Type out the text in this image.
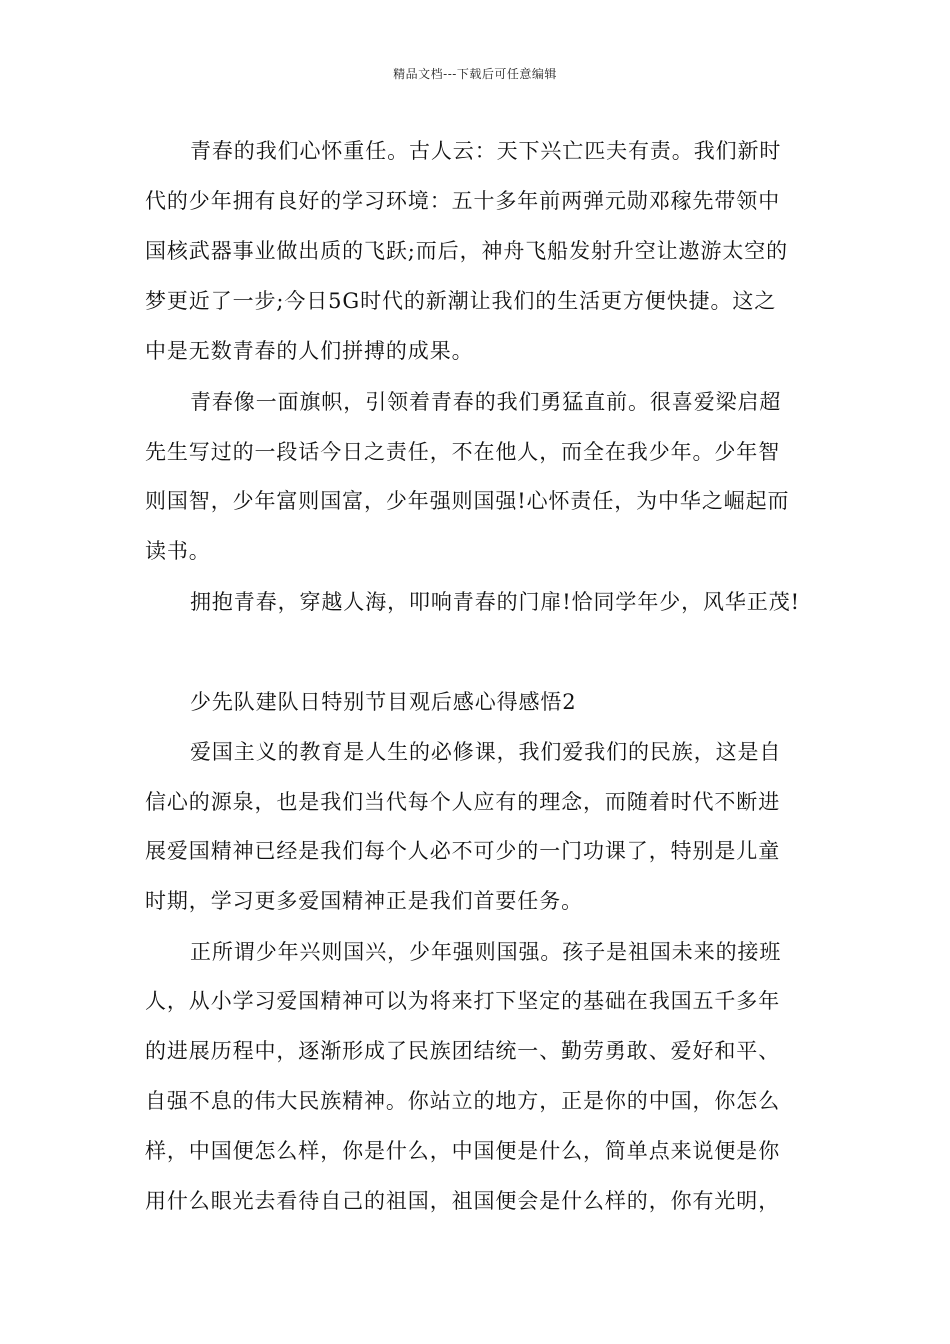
精品文档---下载后可任意编辑
青春的我们心怀重任。古人云：天下兴亡匹夫有责。我们新时
代的少年拥有良好的学习环境：五十多年前两弹元勋邓稼先带领中
国核武器事业做出质的飞跃;而后，神舟飞船发射升空让遨游太空的
梦更近了一步;今日5G时代的新潮让我们的生活更方便快捷。这之
中是无数青春的人们拼搏的成果。
青春像一面旗帜，引领着青春的我们勇猛直前。很喜爱梁启超
先生写过的一段话今日之责任，不在他人，而全在我少年。少年智
则国智，少年富则国富，少年强则国强!心怀责任，为中华之崛起而
读书。
拥抱青春，穿越人海，叩响青春的门扉!恰同学年少，风华正茂!
少先队建队日特别节目观后感心得感悟2
爱国主义的教育是人生的必修课，我们爱我们的民族，这是自
信心的源泉，也是我们当代每个人应有的理念，而随着时代不断进
展爱国精神已经是我们每个人必不可少的一门功课了，特别是儿童
时期，学习更多爱国精神正是我们首要任务。
正所谓少年兴则国兴，少年强则国强。孩子是祖国未来的接班
人，从小学习爱国精神可以为将来打下坚定的基础在我国五千多年
的进展历程中，逐渐形成了民族团结统一、勤劳勇敢、爱好和平、
自强不息的伟大民族精神。你站立的地方，正是你的中国，你怎么
样，中国便怎么样，你是什么，中国便是什么，简单点来说便是你
用什么眼光去看待自己的祖国，祖国便会是什么样的，你有光明，
